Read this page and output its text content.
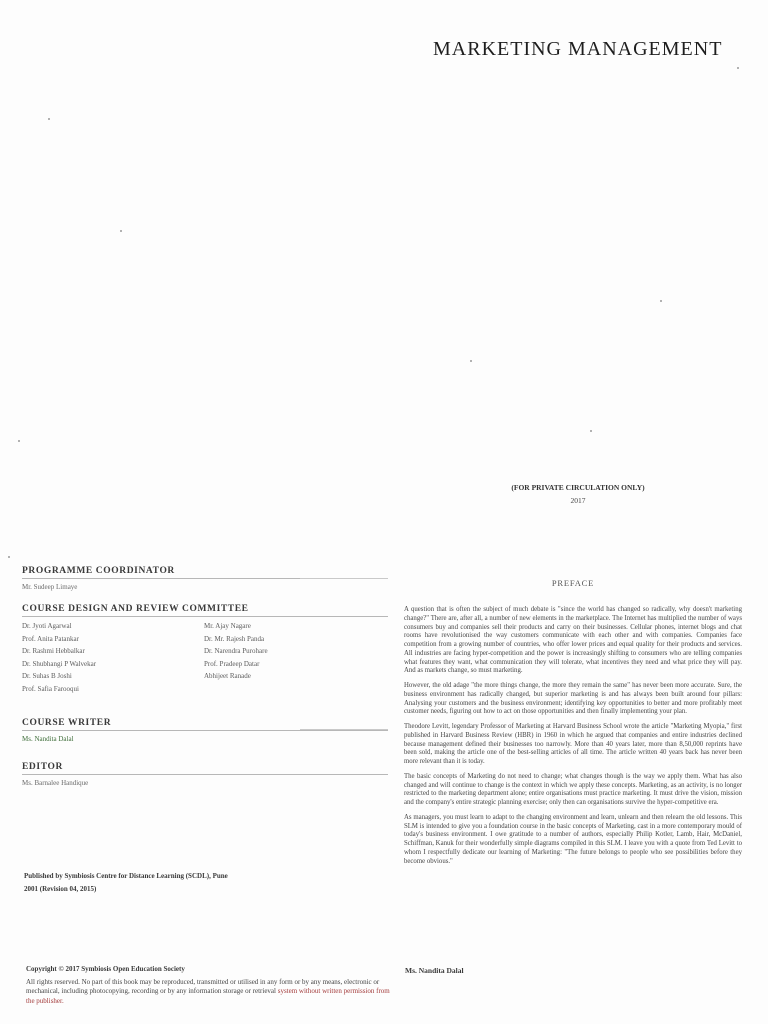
MARKETING MANAGEMENT
(FOR PRIVATE CIRCULATION ONLY)
2017
PROGRAMME COORDINATOR
Mr. Sudeep Limaye
COURSE DESIGN AND REVIEW COMMITTEE
Dr. Jyoti Agarwal	Mr. Ajay Nagare
Prof. Anita Patankar	Dr. Mr. Rajesh Panda
Dr. Rashmi Hebbalkar	Dr. Narendra Purohare
Dr. Shubhangi P Walvekar	Prof. Pradeep Datar
Dr. Suhas B Joshi	Abhijeet Ranade
Prof. Safia Farooqui
COURSE WRITER
Ms. Nandita Dalal
EDITOR
Ms. Barnalee Handique
Published by Symbiosis Centre for Distance Learning (SCDL), Pune
2001 (Revision 04, 2015)
Copyright © 2017 Symbiosis Open Education Society
All rights reserved. No part of this book may be reproduced, transmitted or utilised in any form or by any means, electronic or mechanical, including photocopying, recording or by any information storage or retrieval system without written permission from the publisher.
PREFACE

A question that is often the subject of much debate is "since the world has changed so radically, why doesn't marketing change?" There are, after all, a number of new elements in the marketplace. The Internet has multiplied the number of ways consumers buy and companies sell their products and carry on their businesses. Cellular phones, internet blogs and chat rooms have revolutionised the way customers communicate with each other and with companies. Companies face competition from a growing number of countries, who offer lower prices and equal quality for their products and services. All industries are facing hyper-competition and the power is increasingly shifting to consumers who are telling companies what features they want, what communication they will tolerate, what incentives they need and what price they will pay. And as markets change, so must marketing.

However, the old adage "the more things change, the more they remain the same" has never been more accurate. Sure, the business environment has radically changed, but superior marketing is and has always been built around four pillars: Analysing your customers and the business environment; identifying key opportunities to better and more profitably meet customer needs, figuring out how to act on those opportunities and then finally implementing your plan.

Theodore Levitt, legendary Professor of Marketing at Harvard Business School wrote the article "Marketing Myopia," first published in Harvard Business Review (HBR) in 1960 in which he argued that companies and entire industries declined because management defined their businesses too narrowly. More than 40 years later, more than 8,50,000 reprints have been sold, making the article one of the best-selling articles of all time. The article written 40 years back has never been more relevant than it is today.

The basic concepts of Marketing do not need to change; what changes though is the way we apply them. What has also changed and will continue to change is the context in which we apply these concepts. Marketing, as an activity, is no longer restricted to the marketing department alone; entire organisations must practice marketing. It must drive the vision, mission and the company's entire strategic planning exercise; only then can organisations survive the hyper-competitive era.

As managers, you must learn to adapt to the changing environment and learn, unlearn and then relearn the old lessons. This SLM is intended to give you a foundation course in the basic concepts of Marketing, cast in a more contemporary mould of today's business environment. I owe gratitude to a number of authors, especially Philip Kotler, Lamb, Hair, McDaniel, Schiffman, Kanuk for their wonderfully simple diagrams compiled in this SLM. I leave you with a quote from Ted Levitt to whom I respectfully dedicate our learning of Marketing: "The future belongs to people who see possibilities before they become obvious."

Ms. Nandita Dalal
